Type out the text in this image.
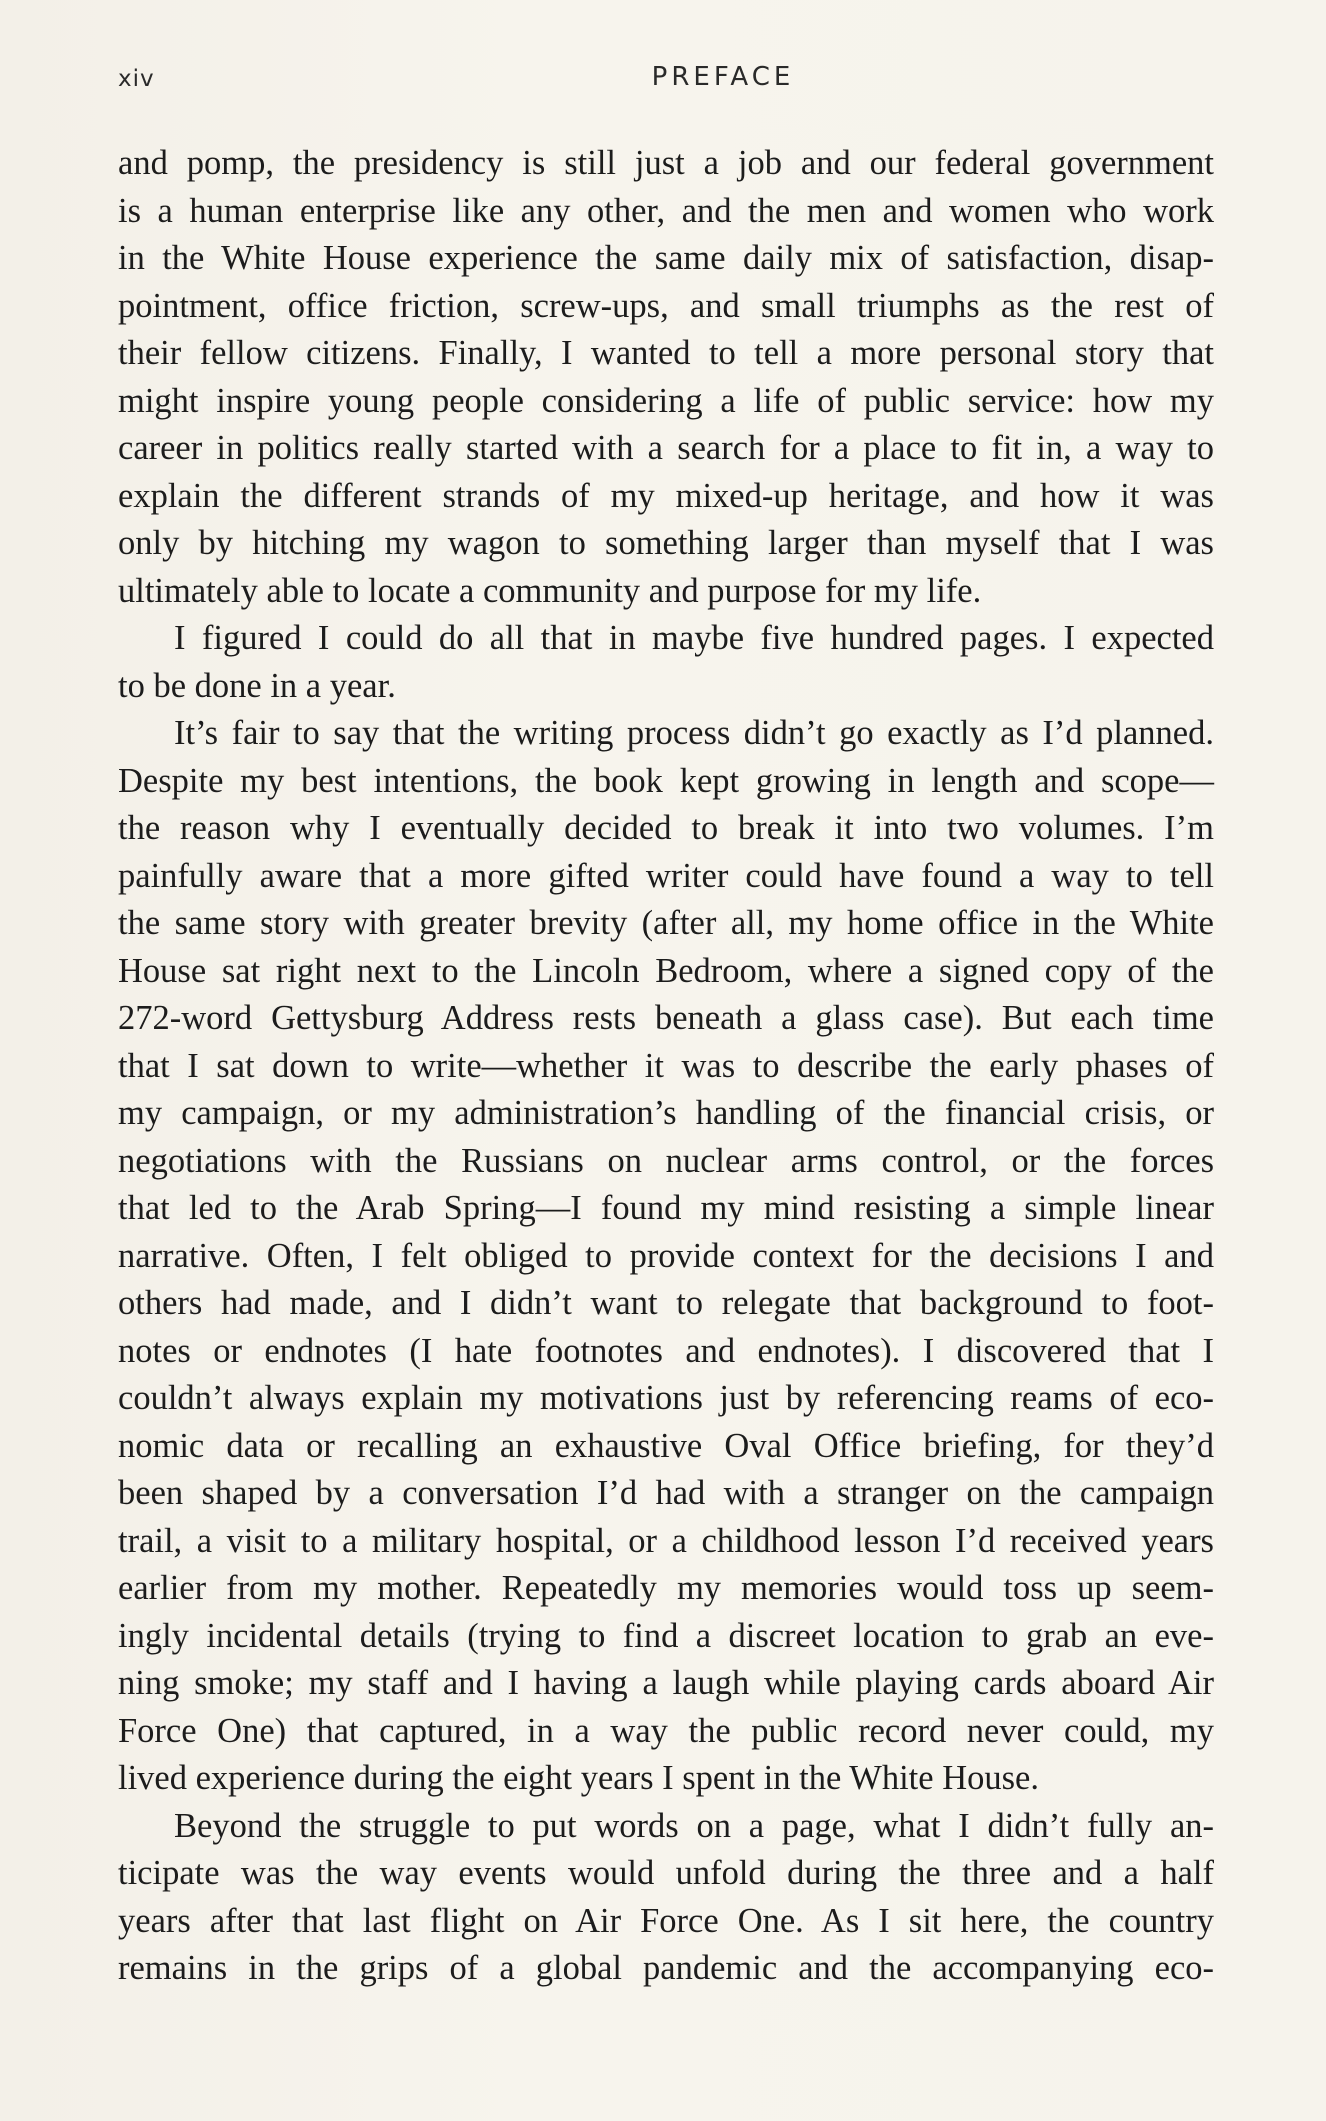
xiv	PREFACE
and pomp, the presidency is still just a job and our federal government
is a human enterprise like any other, and the men and women who work
in the White House experience the same daily mix of satisfaction, disap-
pointment, office friction, screw-ups, and small triumphs as the rest of
their fellow citizens. Finally, I wanted to tell a more personal story that
might inspire young people considering a life of public service: how my
career in politics really started with a search for a place to fit in, a way to
explain the different strands of my mixed-up heritage, and how it was
only by hitching my wagon to something larger than myself that I was
ultimately able to locate a community and purpose for my life.
I figured I could do all that in maybe five hundred pages. I expected
to be done in a year.
It’s fair to say that the writing process didn’t go exactly as I’d planned.
Despite my best intentions, the book kept growing in length and scope—
the reason why I eventually decided to break it into two volumes. I’m
painfully aware that a more gifted writer could have found a way to tell
the same story with greater brevity (after all, my home office in the White
House sat right next to the Lincoln Bedroom, where a signed copy of the
272-word Gettysburg Address rests beneath a glass case). But each time
that I sat down to write—whether it was to describe the early phases of
my campaign, or my administration’s handling of the financial crisis, or
negotiations with the Russians on nuclear arms control, or the forces
that led to the Arab Spring—I found my mind resisting a simple linear
narrative. Often, I felt obliged to provide context for the decisions I and
others had made, and I didn’t want to relegate that background to foot-
notes or endnotes (I hate footnotes and endnotes). I discovered that I
couldn’t always explain my motivations just by referencing reams of eco-
nomic data or recalling an exhaustive Oval Office briefing, for they’d
been shaped by a conversation I’d had with a stranger on the campaign
trail, a visit to a military hospital, or a childhood lesson I’d received years
earlier from my mother. Repeatedly my memories would toss up seem-
ingly incidental details (trying to find a discreet location to grab an eve-
ning smoke; my staff and I having a laugh while playing cards aboard Air
Force One) that captured, in a way the public record never could, my
lived experience during the eight years I spent in the White House.
Beyond the struggle to put words on a page, what I didn’t fully an-
ticipate was the way events would unfold during the three and a half
years after that last flight on Air Force One. As I sit here, the country
remains in the grips of a global pandemic and the accompanying eco-
